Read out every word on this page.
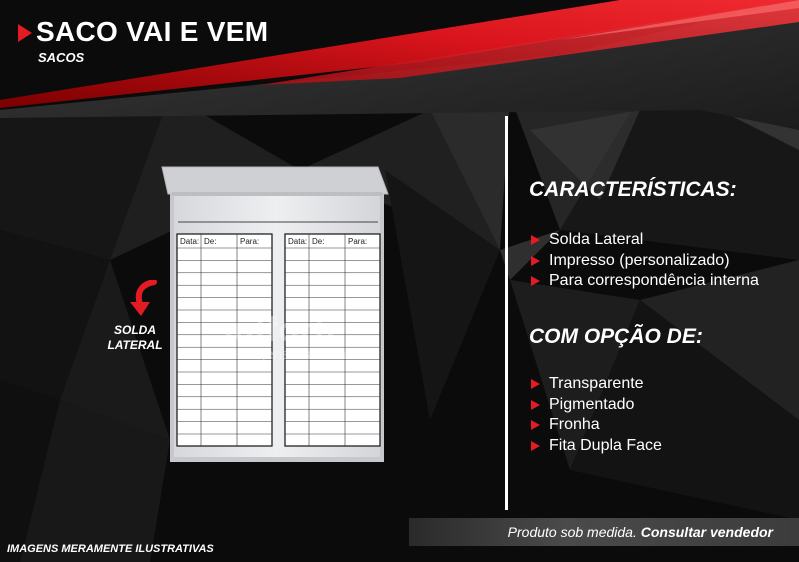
SACO VAI E VEM
SACOS
Data: De:	Para:	Data: De:	Para:
sulforte
Embalagens Plásticas
SOLDA
LATERAL
CARACTERÍSTICAS:
Solda Lateral
Impresso (personalizado)
Para correspondência interna
COM OPÇÃO DE:
Transparente
Pigmentado
Fronha
Fita Dupla Face
Produto sob medida. Consultar vendedor
IMAGENS MERAMENTE ILUSTRATIVAS
